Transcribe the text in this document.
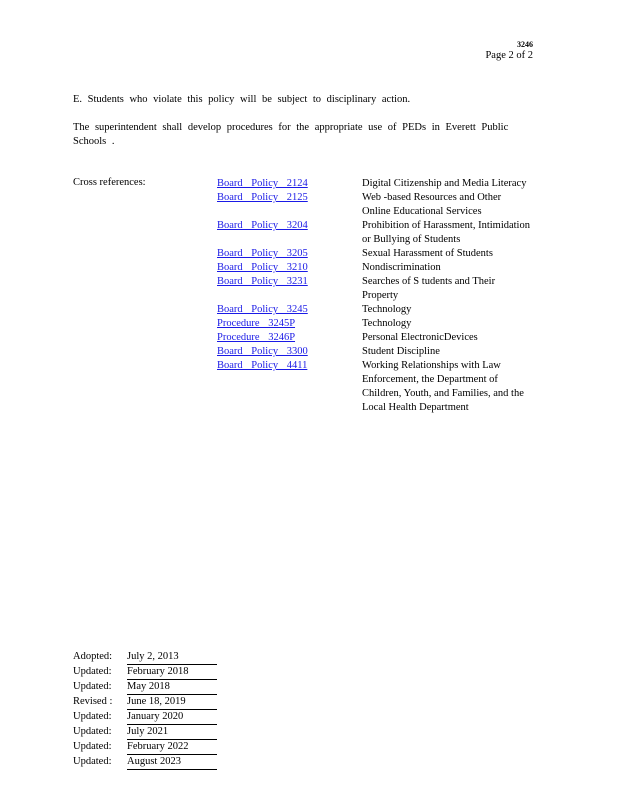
3246
Page 2 of 2
E. Students who violate this policy will be subject to disciplinary action.
The superintendent shall develop procedures for the appropriate use of PEDs in Everett Public Schools .
Cross references:	Board Policy 2124	Digital Citizenship and Media Literacy
Board Policy 2125	Web -based Resources and Other Online Educational Services
Board Policy 3204	Prohibition of Harassment, Intimidation or Bullying of Students
Board Policy 3205	Sexual Harassment of Students
Board Policy 3210	Nondiscrimination
Board Policy 3231	Searches of S tudents and Their Property
Board Policy 3245	Technology
Procedure 3245P	Technology
Procedure 3246P	Personal ElectronicDevices
Board Policy 3300	Student Discipline
Board Policy 4411	Working Relationships with Law Enforcement, the Department of Children, Youth, and Families, and the Local Health Department
Adopted:	July 2, 2013
Updated:	February 2018
Updated:	May 2018
Revised :	June 18, 2019
Updated:	January 2020
Updated:	July 2021
Updated:	February 2022
Updated:	August 2023
